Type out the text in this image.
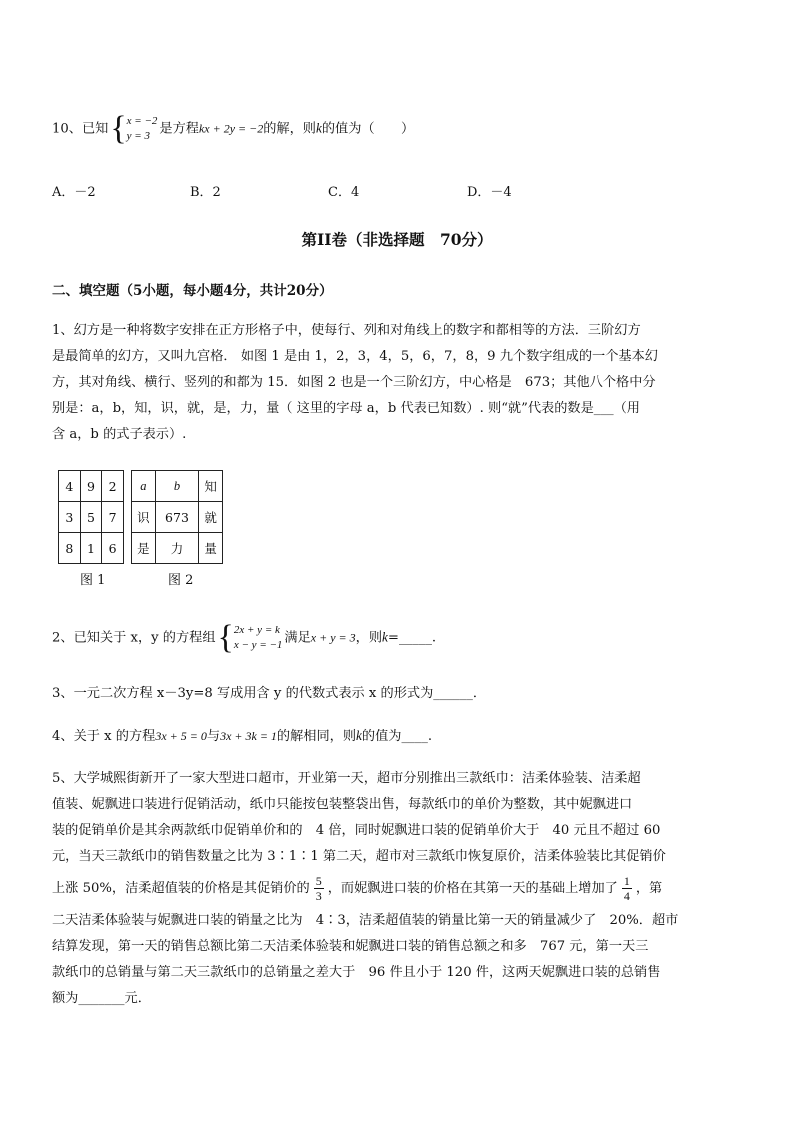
10、已知{ x = −2
y = 3 是方程kx + 2y = −2的解，则k的值为（　　）
A．－2	B．2	C．4	D．－4
第II卷（非选择题　70分）
二、填空题（5小题，每小题4分，共计20分）
1、幻方是一种将数字安排在正方形格子中，使每行、列和对角线上的数字和都相等的方法．三阶幻方
是最简单的幻方，又叫九宫格． 如图 1 是由 1，2，3，4，5，6，7，8，9 九个数字组成的一个基本幻
方，其对角线、横行、竖列的和都为 15．如图 2 也是一个三阶幻方，中心格是　673；其他八个格中分
别是：a，b，知，识，就，是，力，量（ 这里的字母 a，b 代表已知数）. 则“就”代表的数是___（用
含 a，b 的式子表示）.
4	9	2
3	5	7
8	1	6
图 1
a	b	知
识	673	就
是	力	量
图 2
2、已知关于 x，y 的方程组{ 2x + y = k
x − y = −1 满足x + y = 3，则k=_____.
3、一元二次方程 x－3y=8 写成用含 y 的代数式表示 x 的形式为______．
4、关于 x 的方程3x + 5 = 0与3x + 3k = 1的解相同，则k的值为____.
5、大学城熙街新开了一家大型进口超市，开业第一天，超市分别推出三款纸巾：洁柔体验装、洁柔超
值装、妮飘进口装进行促销活动，纸巾只能按包装整袋出售，每款纸巾的单价为整数，其中妮飘进口
装的促销单价是其余两款纸巾促销单价和的　4 倍，同时妮飘进口装的促销单价大于　40 元且不超过 60
元，当天三款纸巾的销售数量之比为 3∶1∶1 第二天，超市对三款纸巾恢复原价，洁柔体验装比其促销价
上涨 50%，洁柔超值装的价格是其促销价的 $\frac{5}{3}$ ，而妮飘进口装的价格在其第一天的基础上增加了 $\frac{1}{4}$ ，第
二天洁柔体验装与妮飘进口装的销量之比为　4∶3，洁柔超值装的销量比第一天的销量减少了　20%．超市
结算发现，第一天的销售总额比第二天洁柔体验装和妮飘进口装的销售总额之和多　767 元，第一天三
款纸巾的总销量与第二天三款纸巾的总销量之差大于　96 件且小于 120 件，这两天妮飘进口装的总销售
额为_______元．
